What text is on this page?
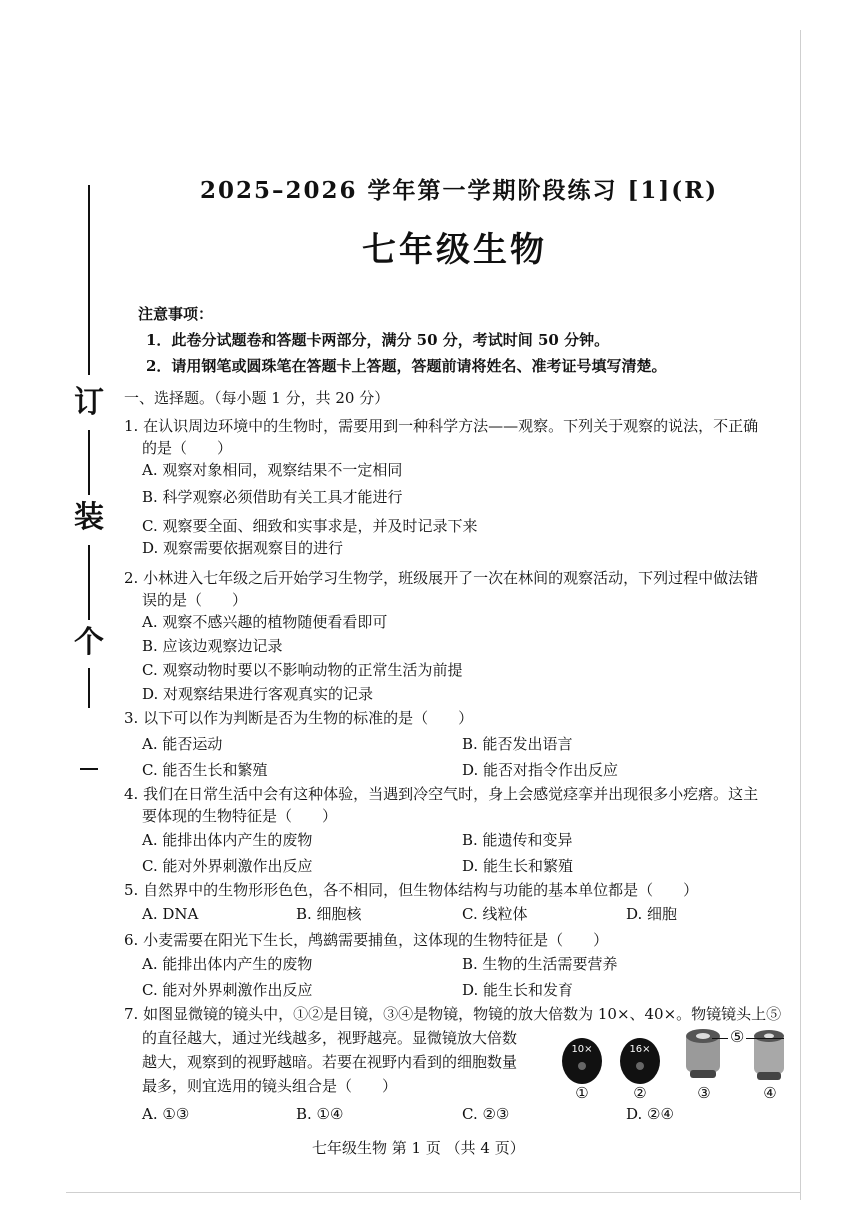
订
装
个
2025–2026 学年第一学期阶段练习 [1](R)
七年级生物
注意事项：
1．此卷分试题卷和答题卡两部分，满分 50 分，考试时间 50 分钟。
2．请用钢笔或圆珠笔在答题卡上答题，答题前请将姓名、准考证号填写清楚。
一、选择题。（每小题 1 分，共 20 分）
1. 在认识周边环境中的生物时，需要用到一种科学方法——观察。下列关于观察的说法，不正确
的是（　　）
A. 观察对象相同，观察结果不一定相同
B. 科学观察必须借助有关工具才能进行
C. 观察要全面、细致和实事求是，并及时记录下来
D. 观察需要依据观察目的进行
2. 小林进入七年级之后开始学习生物学，班级展开了一次在林间的观察活动，下列过程中做法错
误的是（　　）
A. 观察不感兴趣的植物随便看看即可
B. 应该边观察边记录
C. 观察动物时要以不影响动物的正常生活为前提
D. 对观察结果进行客观真实的记录
3. 以下可以作为判断是否为生物的标准的是（　　）
A. 能否运动	B. 能否发出语言
C. 能否生长和繁殖	D. 能否对指令作出反应
4. 我们在日常生活中会有这种体验，当遇到冷空气时，身上会感觉痉挛并出现很多小疙瘩。这主
要体现的生物特征是（　　）
A. 能排出体内产生的废物	B. 能遗传和变异
C. 能对外界刺激作出反应	D. 能生长和繁殖
5. 自然界中的生物形形色色，各不相同，但生物体结构与功能的基本单位都是（　　）
A. DNA	B. 细胞核	C. 线粒体	D. 细胞
6. 小麦需要在阳光下生长，鸬鹚需要捕鱼，这体现的生物特征是（　　）
A. 能排出体内产生的废物	B. 生物的生活需要营养
C. 能对外界刺激作出反应	D. 能生长和发育
7. 如图显微镜的镜头中，①②是目镜，③④是物镜，物镜的放大倍数为 10×、40×。物镜镜头上⑤
的直径越大，通过光线越多，视野越亮。显微镜放大倍数
越大，观察到的视野越暗。若要在视野内看到的细胞数量
最多，则宜选用的镜头组合是（　　）
A. ①③	B. ①④	C. ②③	D. ②④
10×	16×
⑤
①	②	③	④
七年级生物 第 1 页 （共 4 页）
